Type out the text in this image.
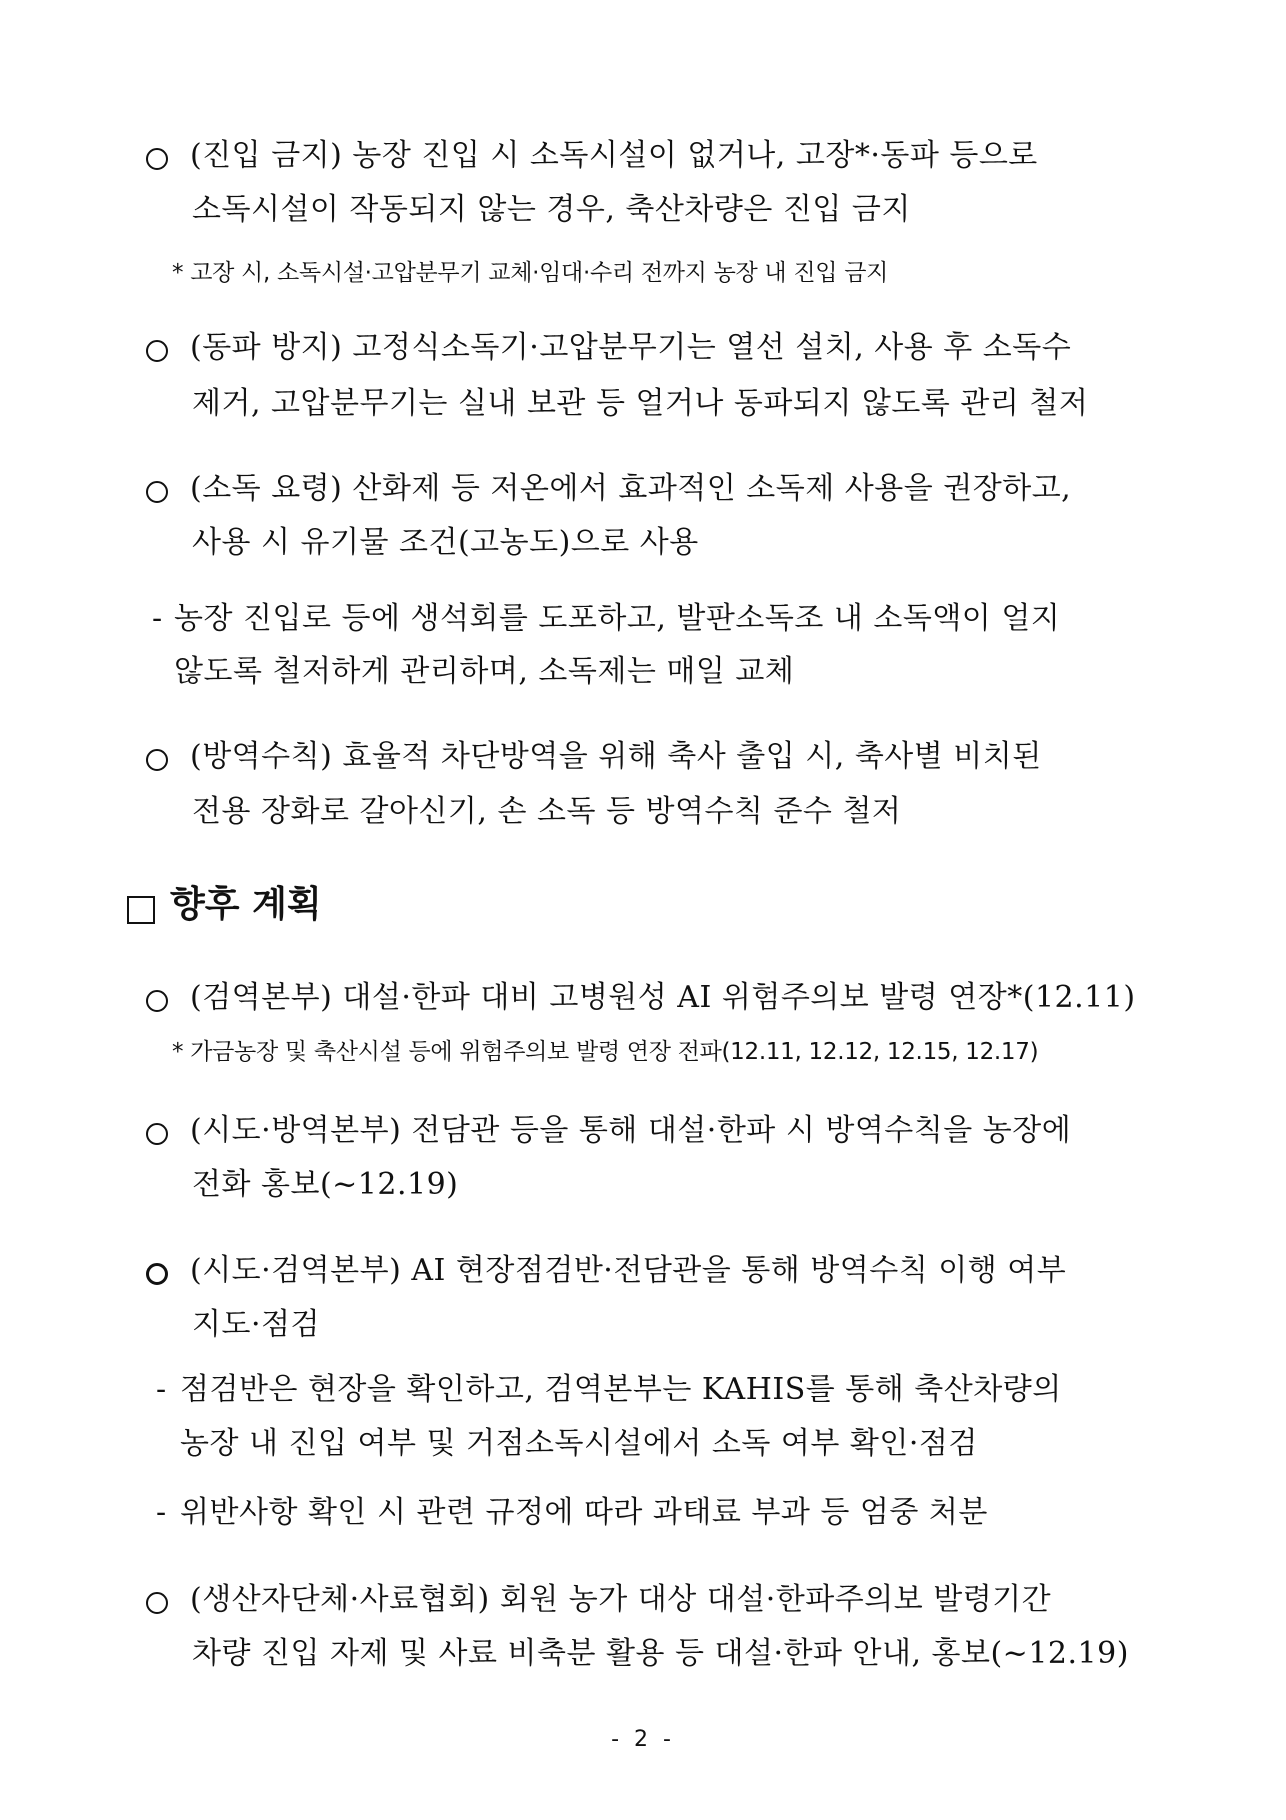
(진입 금지) 농장 진입 시 소독시설이 없거나, 고장*·동파 등으로
소독시설이 작동되지 않는 경우, 축산차량은 진입 금지
* 고장 시, 소독시설·고압분무기 교체·임대·수리 전까지 농장 내 진입 금지
(동파 방지) 고정식소독기·고압분무기는 열선 설치, 사용 후 소독수
제거, 고압분무기는 실내 보관 등 얼거나 동파되지 않도록 관리 철저
(소독 요령) 산화제 등 저온에서 효과적인 소독제 사용을 권장하고,
사용 시 유기물 조건(고농도)으로 사용
- 농장 진입로 등에 생석회를 도포하고, 발판소독조 내 소독액이 얼지
않도록 철저하게 관리하며, 소독제는 매일 교체
(방역수칙) 효율적 차단방역을 위해 축사 출입 시, 축사별 비치된
전용 장화로 갈아신기, 손 소독 등 방역수칙 준수 철저
향후 계획
(검역본부) 대설·한파 대비 고병원성 AI 위험주의보 발령 연장*(12.11)
* 가금농장 및 축산시설 등에 위험주의보 발령 연장 전파(12.11, 12.12, 12.15, 12.17)
(시도·방역본부) 전담관 등을 통해 대설·한파 시 방역수칙을 농장에
전화 홍보(~12.19)
(시도·검역본부) AI 현장점검반·전담관을 통해 방역수칙 이행 여부
지도·점검
- 점검반은 현장을 확인하고, 검역본부는 KAHIS를 통해 축산차량의
농장 내 진입 여부 및 거점소독시설에서 소독 여부 확인·점검
- 위반사항 확인 시 관련 규정에 따라 과태료 부과 등 엄중 처분
(생산자단체·사료협회) 회원 농가 대상 대설·한파주의보 발령기간
차량 진입 자제 및 사료 비축분 활용 등 대설·한파 안내, 홍보(~12.19)
- 2 -
